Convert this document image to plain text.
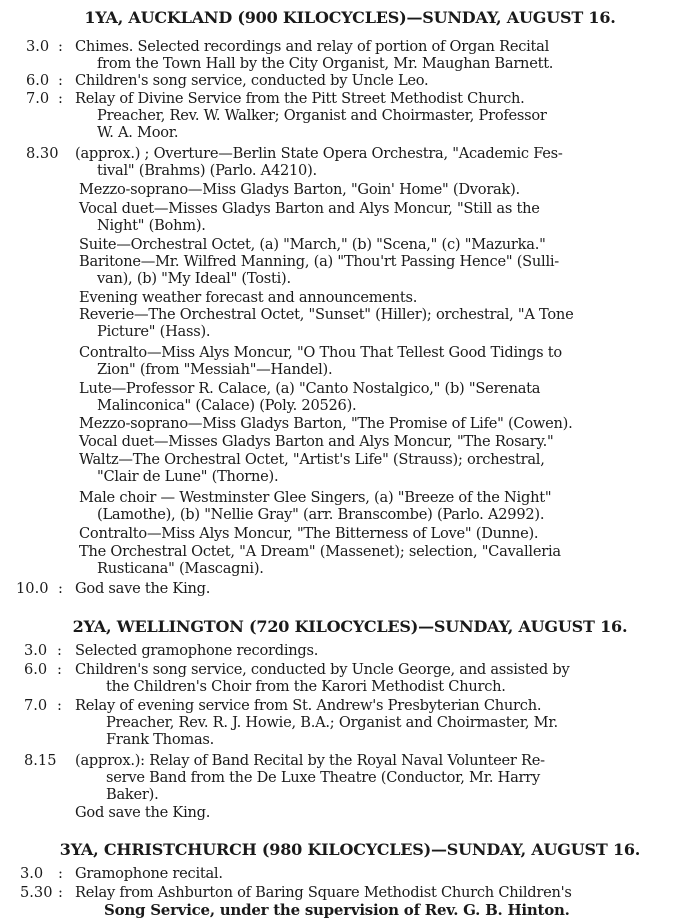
1YA, AUCKLAND (900 KILOCYCLES)—SUNDAY, AUGUST 16.
3.0 : Chimes. Selected recordings and relay of portion of Organ Recital
from the Town Hall by the City Organist, Mr. Maughan Barnett.
6.0 : Children's song service, conducted by Uncle Leo.
7.0 : Relay of Divine Service from the Pitt Street Methodist Church.
Preacher, Rev. W. Walker; Organist and Choirmaster, Professor
W. A. Moor.
8.30 (approx.) ; Overture—Berlin State Opera Orchestra, "Academic Fes-
tival" (Brahms) (Parlo. A4210).
Mezzo-soprano—Miss Gladys Barton, "Goin' Home" (Dvorak).
Vocal duet—Misses Gladys Barton and Alys Moncur, "Still as the
Night" (Bohm).
Suite—Orchestral Octet, (a) "March," (b) "Scena," (c) "Mazurka."
Baritone—Mr. Wilfred Manning, (a) "Thou'rt Passing Hence" (Sulli-
van), (b) "My Ideal" (Tosti).
Evening weather forecast and announcements.
Reverie—The Orchestral Octet, "Sunset" (Hiller); orchestral, "A Tone
Picture" (Hass).
Contralto—Miss Alys Moncur, "O Thou That Tellest Good Tidings to
Zion" (from "Messiah"—Handel).
Lute—Professor R. Calace, (a) "Canto Nostalgico," (b) "Serenata
Malinconica" (Calace) (Poly. 20526).
Mezzo-soprano—Miss Gladys Barton, "The Promise of Life" (Cowen).
Vocal duet—Misses Gladys Barton and Alys Moncur, "The Rosary."
Waltz—The Orchestral Octet, "Artist's Life" (Strauss); orchestral,
"Clair de Lune" (Thorne).
Male choir — Westminster Glee Singers, (a) "Breeze of the Night"
(Lamothe), (b) "Nellie Gray" (arr. Branscombe) (Parlo. A2992).
Contralto—Miss Alys Moncur, "The Bitterness of Love" (Dunne).
The Orchestral Octet, "A Dream" (Massenet); selection, "Cavalleria
Rusticana" (Mascagni).
10.0 : God save the King.
2YA, WELLINGTON (720 KILOCYCLES)—SUNDAY, AUGUST 16.
3.0 : Selected gramophone recordings.
6.0 : Children's song service, conducted by Uncle George, and assisted by
the Children's Choir from the Karori Methodist Church.
7.0 : Relay of evening service from St. Andrew's Presbyterian Church.
Preacher, Rev. R. J. Howie, B.A.; Organist and Choirmaster, Mr.
Frank Thomas.
8.15 (approx.): Relay of Band Recital by the Royal Naval Volunteer Re-
serve Band from the De Luxe Theatre (Conductor, Mr. Harry
Baker).
God save the King.
3YA, CHRISTCHURCH (980 KILOCYCLES)—SUNDAY, AUGUST 16.
3.0 : Gramophone recital.
5.30 : Relay from Ashburton of Baring Square Methodist Church Children's
Song Service, under the supervision of Rev. G. B. Hinton.
